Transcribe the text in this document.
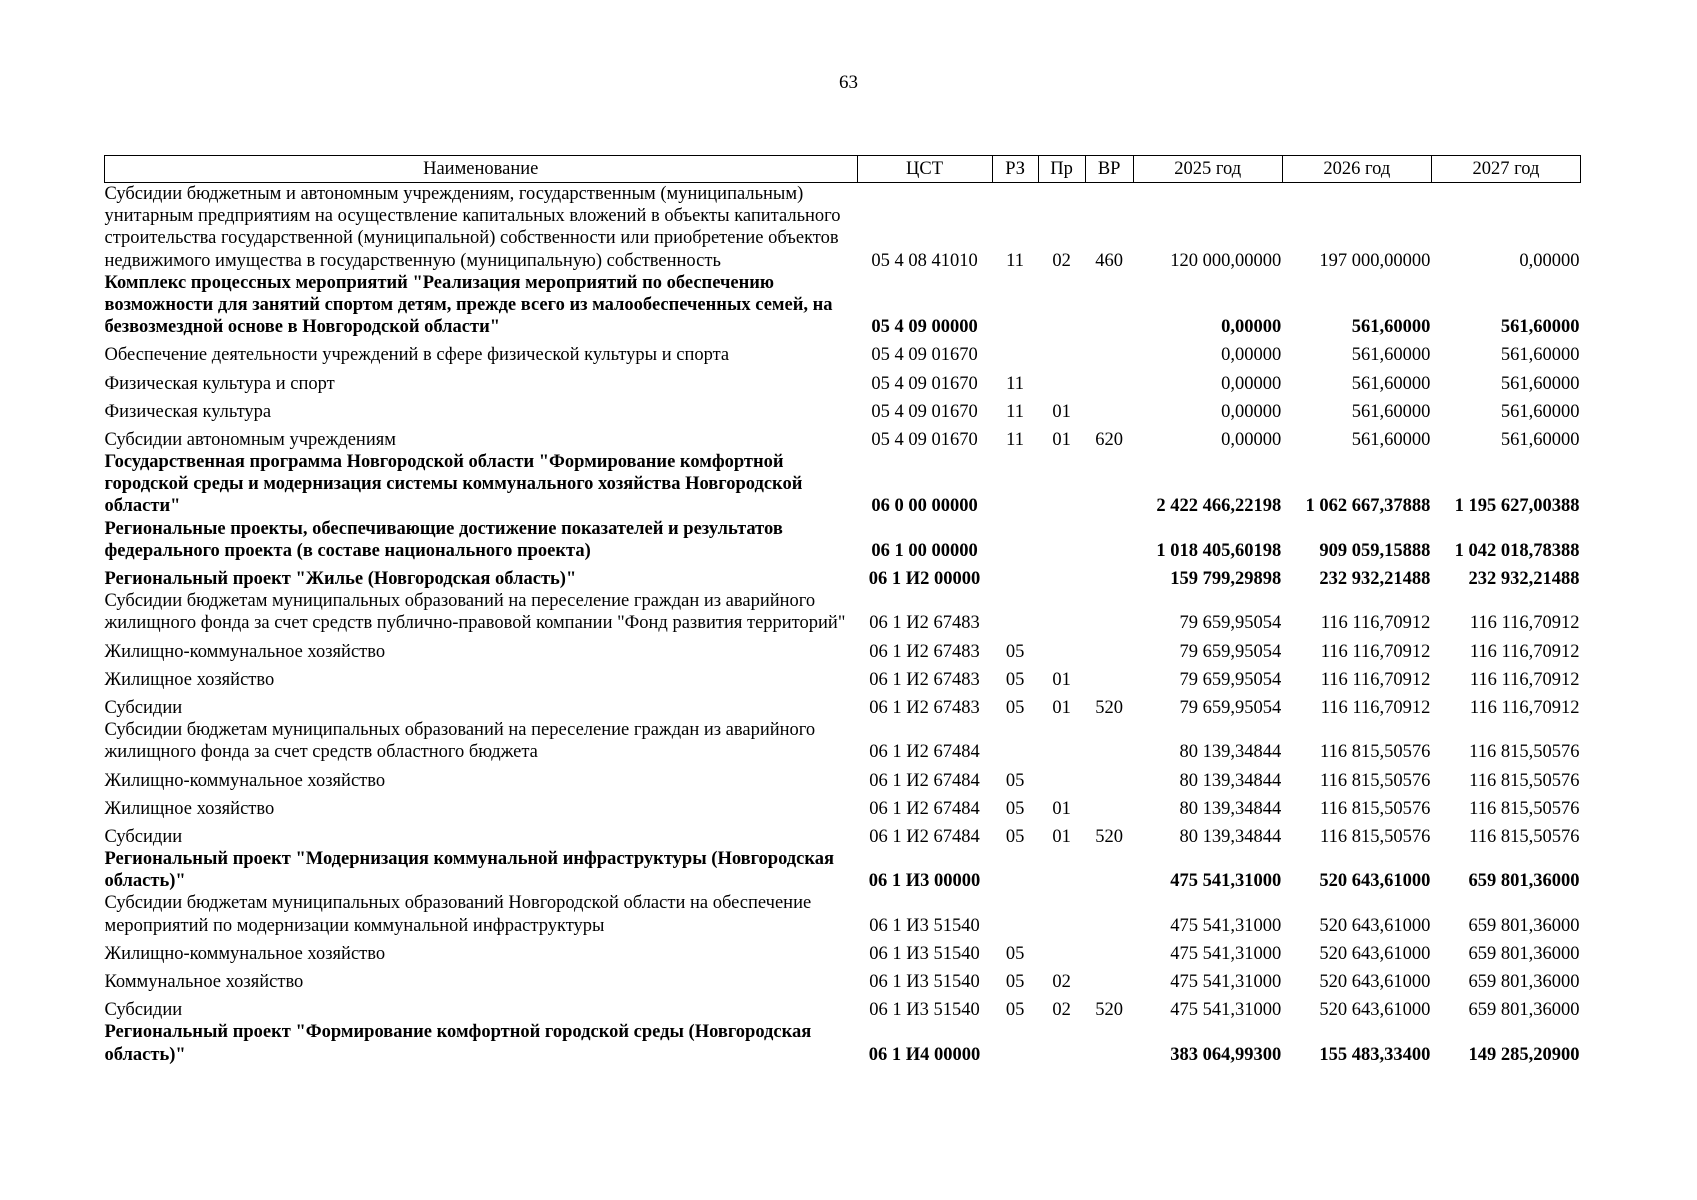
63
Наименование	ЦСТ	РЗ	Пр	ВР	2025 год	2026 год	2027 год
Субсидии бюджетным и автономным учреждениям, государственным (муниципальным) унитарным предприятиям на осуществление капитальных вложений в объекты капитального строительства государственной (муниципальной) собственности или приобретение объектов недвижимого имущества в государственную (муниципальную) собственность	05 4 08 41010	11	02	460	120 000,00000	197 000,00000	0,00000
Комплекс процессных мероприятий "Реализация мероприятий по обеспечению возможности для занятий спортом детям, прежде всего из малообеспеченных семей, на безвозмездной основе в Новгородской области"	05 4 09 00000				0,00000	561,60000	561,60000
Обеспечение деятельности учреждений в сфере физической культуры и спорта	05 4 09 01670				0,00000	561,60000	561,60000
Физическая культура и спорт	05 4 09 01670	11			0,00000	561,60000	561,60000
Физическая культура	05 4 09 01670	11	01		0,00000	561,60000	561,60000
Субсидии автономным учреждениям	05 4 09 01670	11	01	620	0,00000	561,60000	561,60000
Государственная программа Новгородской области "Формирование комфортной городской среды и модернизация системы коммунального хозяйства Новгородской области"	06 0 00 00000				2 422 466,22198	1 062 667,37888	1 195 627,00388
Региональные проекты, обеспечивающие достижение показателей и результатов федерального проекта (в составе национального проекта)	06 1 00 00000				1 018 405,60198	909 059,15888	1 042 018,78388
Региональный проект "Жилье (Новгородская область)"	06 1 И2 00000				159 799,29898	232 932,21488	232 932,21488
Субсидии бюджетам муниципальных образований на переселение граждан из аварийного жилищного фонда за счет средств публично-правовой компании "Фонд развития территорий"	06 1 И2 67483				79 659,95054	116 116,70912	116 116,70912
Жилищно-коммунальное хозяйство	06 1 И2 67483	05			79 659,95054	116 116,70912	116 116,70912
Жилищное хозяйство	06 1 И2 67483	05	01		79 659,95054	116 116,70912	116 116,70912
Субсидии	06 1 И2 67483	05	01	520	79 659,95054	116 116,70912	116 116,70912
Субсидии бюджетам муниципальных образований на переселение граждан из аварийного жилищного фонда за счет средств областного бюджета	06 1 И2 67484				80 139,34844	116 815,50576	116 815,50576
Жилищно-коммунальное хозяйство	06 1 И2 67484	05			80 139,34844	116 815,50576	116 815,50576
Жилищное хозяйство	06 1 И2 67484	05	01		80 139,34844	116 815,50576	116 815,50576
Субсидии	06 1 И2 67484	05	01	520	80 139,34844	116 815,50576	116 815,50576
Региональный проект "Модернизация коммунальной инфраструктуры (Новгородская область)"	06 1 И3 00000				475 541,31000	520 643,61000	659 801,36000
Субсидии бюджетам муниципальных образований Новгородской области на обеспечение мероприятий по модернизации коммунальной инфраструктуры	06 1 И3 51540				475 541,31000	520 643,61000	659 801,36000
Жилищно-коммунальное хозяйство	06 1 И3 51540	05			475 541,31000	520 643,61000	659 801,36000
Коммунальное хозяйство	06 1 И3 51540	05	02		475 541,31000	520 643,61000	659 801,36000
Субсидии	06 1 И3 51540	05	02	520	475 541,31000	520 643,61000	659 801,36000
Региональный проект "Формирование комфортной городской среды (Новгородская область)"	06 1 И4 00000				383 064,99300	155 483,33400	149 285,20900
